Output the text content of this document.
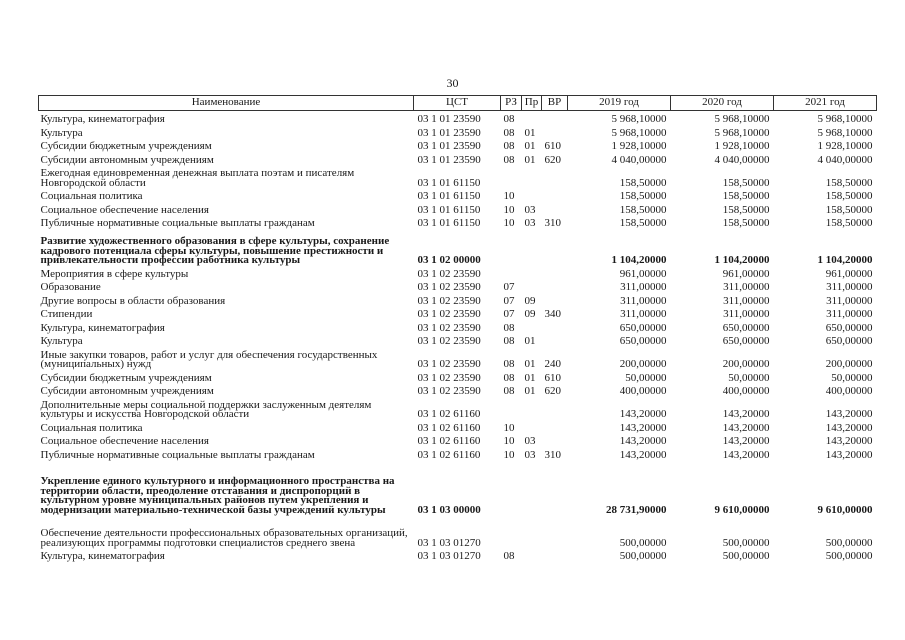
30
Наименование	ЦСТ	РЗ	Пр	ВР	2019 год	2020 год	2021 год
Культура, кинематография	03 1 01 23590	08			5 968,10000	5 968,10000	5 968,10000
Культура	03 1 01 23590	08	01		5 968,10000	5 968,10000	5 968,10000
Субсидии бюджетным учреждениям	03 1 01 23590	08	01	610	1 928,10000	1 928,10000	1 928,10000
Субсидии автономным учреждениям	03 1 01 23590	08	01	620	4 040,00000	4 040,00000	4 040,00000
Ежегодная единовременная денежная выплата поэтам и писателям Новгородской области	03 1 01 61150				158,50000	158,50000	158,50000
Социальная политика	03 1 01 61150	10			158,50000	158,50000	158,50000
Социальное обеспечение населения	03 1 01 61150	10	03		158,50000	158,50000	158,50000
Публичные нормативные социальные выплаты гражданам	03 1 01 61150	10	03	310	158,50000	158,50000	158,50000
Развитие художественного образования в сфере культуры, сохранение кадрового потенциала сферы культуры, повышение престижности и привлекательности профессии работника культуры	03 1 02 00000				1 104,20000	1 104,20000	1 104,20000
Мероприятия в сфере культуры	03 1 02 23590				961,00000	961,00000	961,00000
Образование	03 1 02 23590	07			311,00000	311,00000	311,00000
Другие вопросы в области образования	03 1 02 23590	07	09		311,00000	311,00000	311,00000
Стипендии	03 1 02 23590	07	09	340	311,00000	311,00000	311,00000
Культура, кинематография	03 1 02 23590	08			650,00000	650,00000	650,00000
Культура	03 1 02 23590	08	01		650,00000	650,00000	650,00000
Иные закупки товаров, работ и услуг для обеспечения государственных (муниципальных) нужд	03 1 02 23590	08	01	240	200,00000	200,00000	200,00000
Субсидии бюджетным учреждениям	03 1 02 23590	08	01	610	50,00000	50,00000	50,00000
Субсидии автономным учреждениям	03 1 02 23590	08	01	620	400,00000	400,00000	400,00000
Дополнительные меры социальной поддержки заслуженным деятелям культуры и искусства Новгородской области	03 1 02 61160				143,20000	143,20000	143,20000
Социальная политика	03 1 02 61160	10			143,20000	143,20000	143,20000
Социальное обеспечение населения	03 1 02 61160	10	03		143,20000	143,20000	143,20000
Публичные нормативные социальные выплаты гражданам	03 1 02 61160	10	03	310	143,20000	143,20000	143,20000
Укрепление единого культурного и информационного пространства на территории области, преодоление отставания и диспропорций в культурном уровне муниципальных районов путем укрепления и модернизации материально-технической базы учреждений культуры	03 1 03 00000				28 731,90000	9 610,00000	9 610,00000
Обеспечение деятельности профессиональных образовательных организаций, реализующих программы подготовки специалистов среднего звена	03 1 03 01270				500,00000	500,00000	500,00000
Культура, кинематография	03 1 03 01270	08			500,00000	500,00000	500,00000
